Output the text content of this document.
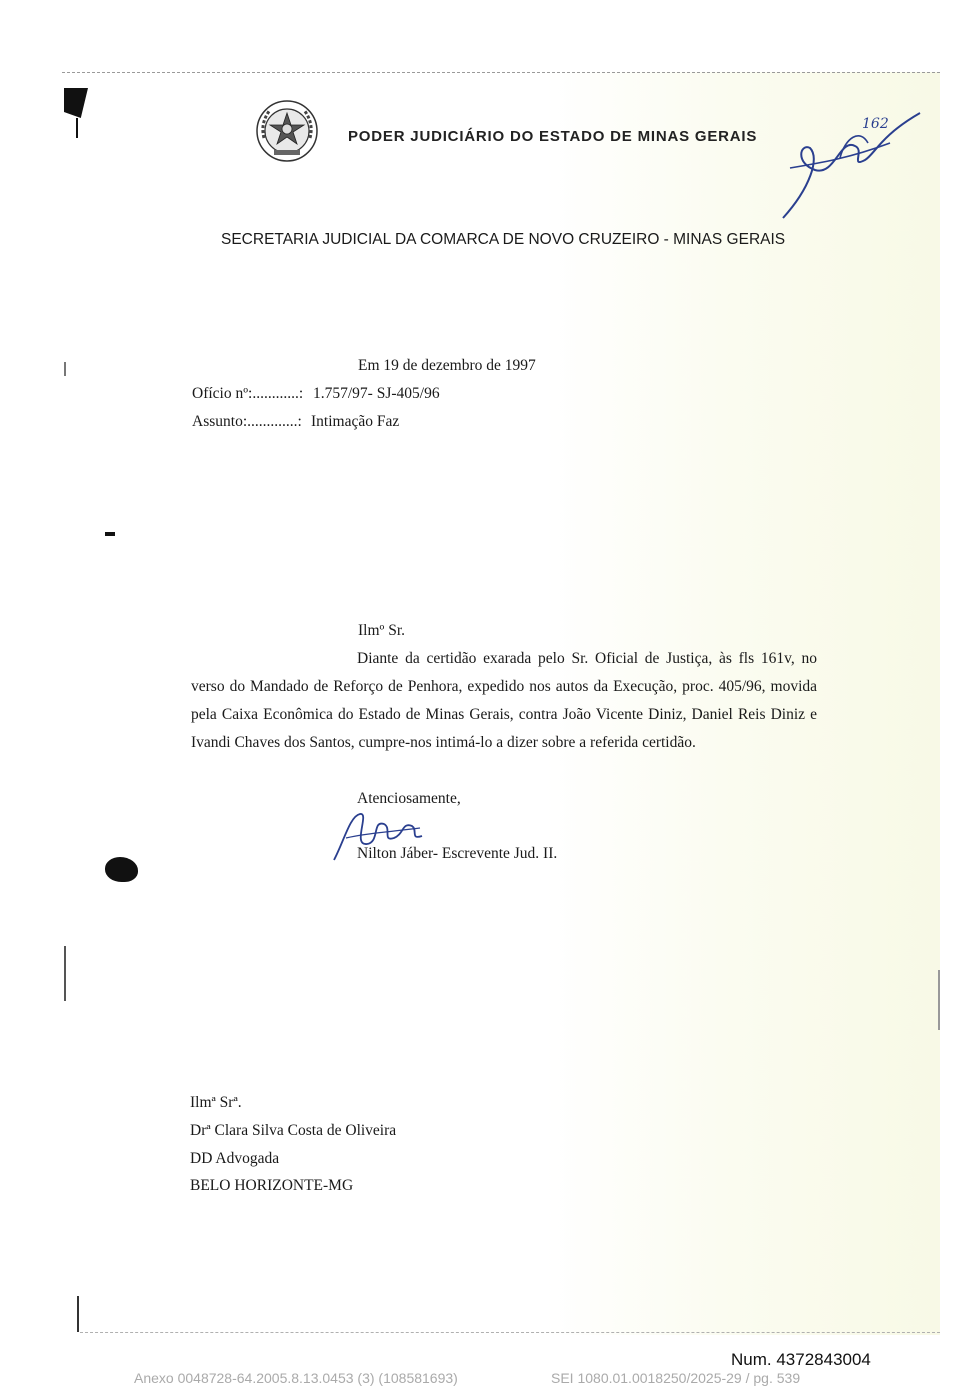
PODER JUDICIÁRIO DO ESTADO DE MINAS GERAIS
162
SECRETARIA JUDICIAL DA COMARCA DE NOVO CRUZEIRO - MINAS GERAIS
Em 19 de dezembro de 1997
Ofício nº:............: 1.757/97- SJ-405/96
Assunto:.............: Intimação Faz
Ilmº Sr.
Diante da certidão exarada pelo Sr. Oficial de Justiça, às fls 161v, no verso do Mandado de Reforço de Penhora, expedido nos autos da Execução, proc. 405/96, movida pela Caixa Econômica do Estado de Minas Gerais, contra João Vicente Diniz, Daniel Reis Diniz e Ivandi Chaves dos Santos, cumpre-nos intimá-lo a dizer sobre a referida certidão.
Atenciosamente,
Nilton Jáber- Escrevente Jud. II.
Ilmª Srª.
Drª Clara Silva Costa de Oliveira
DD Advogada
BELO HORIZONTE-MG
Num. 4372843004
Anexo 0048728-64.2005.8.13.0453 (3) (108581693)	SEI 1080.01.0018250/2025-29 / pg. 539
